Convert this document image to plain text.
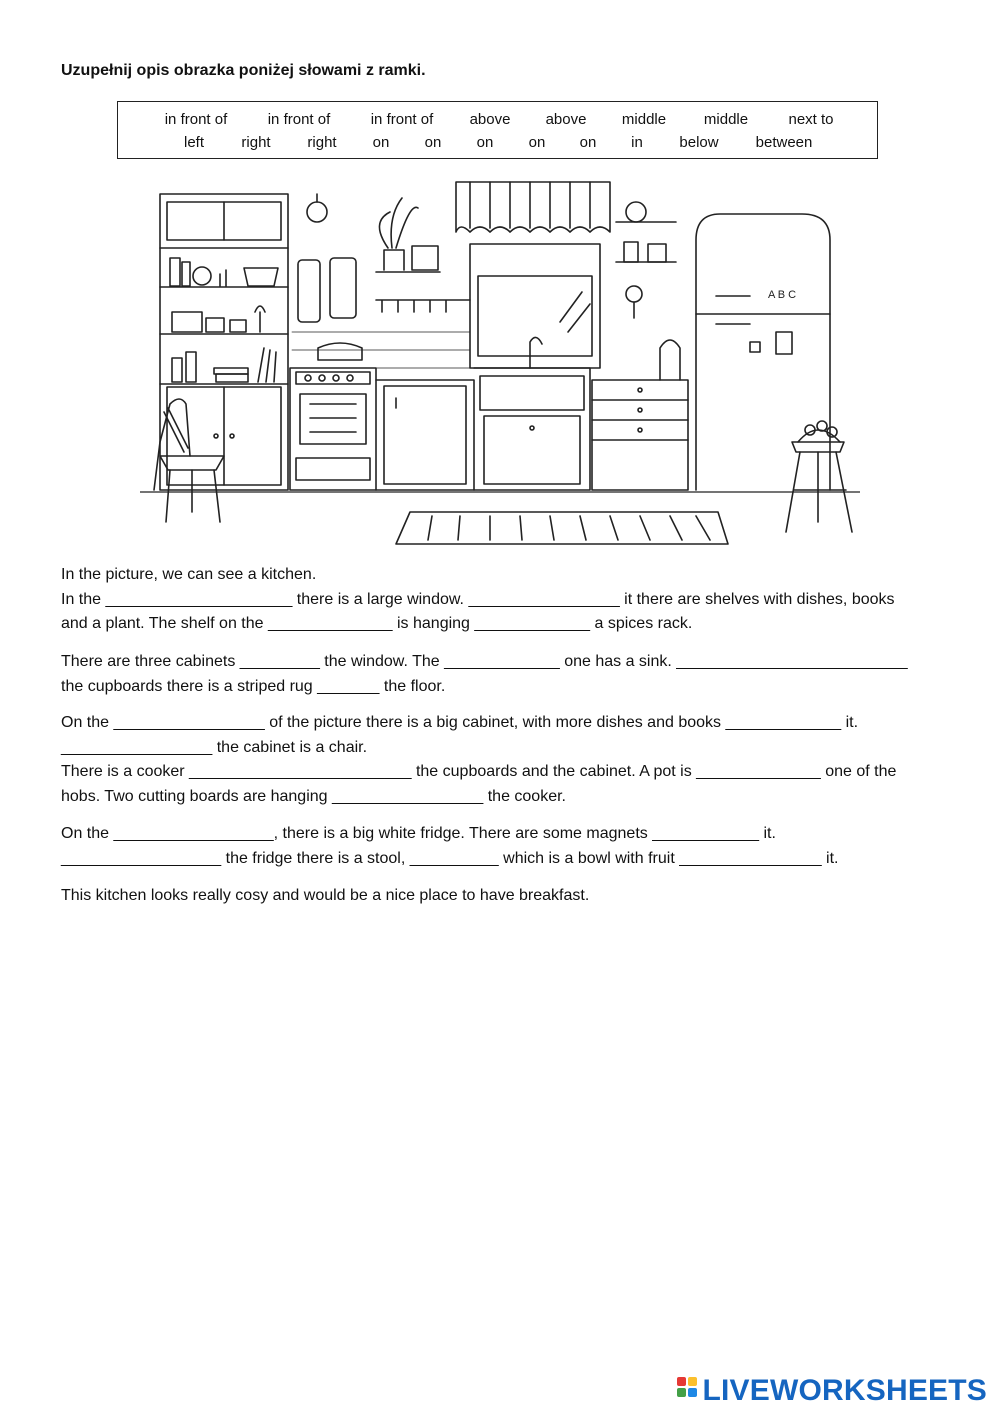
Uzupełnij opis obrazka poniżej słowami z ramki.
in front of	in front of	in front of above above middle	middle	next to
left right right on on on on on in below between
A B C

In the picture, we can see a kitchen.

In the _____________________ there is a large window. _________________ it there are shelves with dishes, books

and a plant. The shelf on the ______________ is hanging _____________ a spices rack.

There are three cabinets _________ the window. The _____________ one has a sink. __________________________

the cupboards there is a striped rug _______ the floor.

On the _________________ of the picture there is a big cabinet, with more dishes and books _____________ it.

_________________ the cabinet is a chair.

There is a cooker _________________________ the cupboards and the cabinet. A pot is ______________ one of the

hobs. Two cutting boards are hanging _________________ the cooker.

On the __________________, there is a big white fridge. There are some magnets ____________ it.

__________________ the fridge there is a stool, __________ which is a bowl with fruit ________________ it.

This kitchen looks really cosy and would be a nice place to have breakfast.

LIVEWORKSHEETS
